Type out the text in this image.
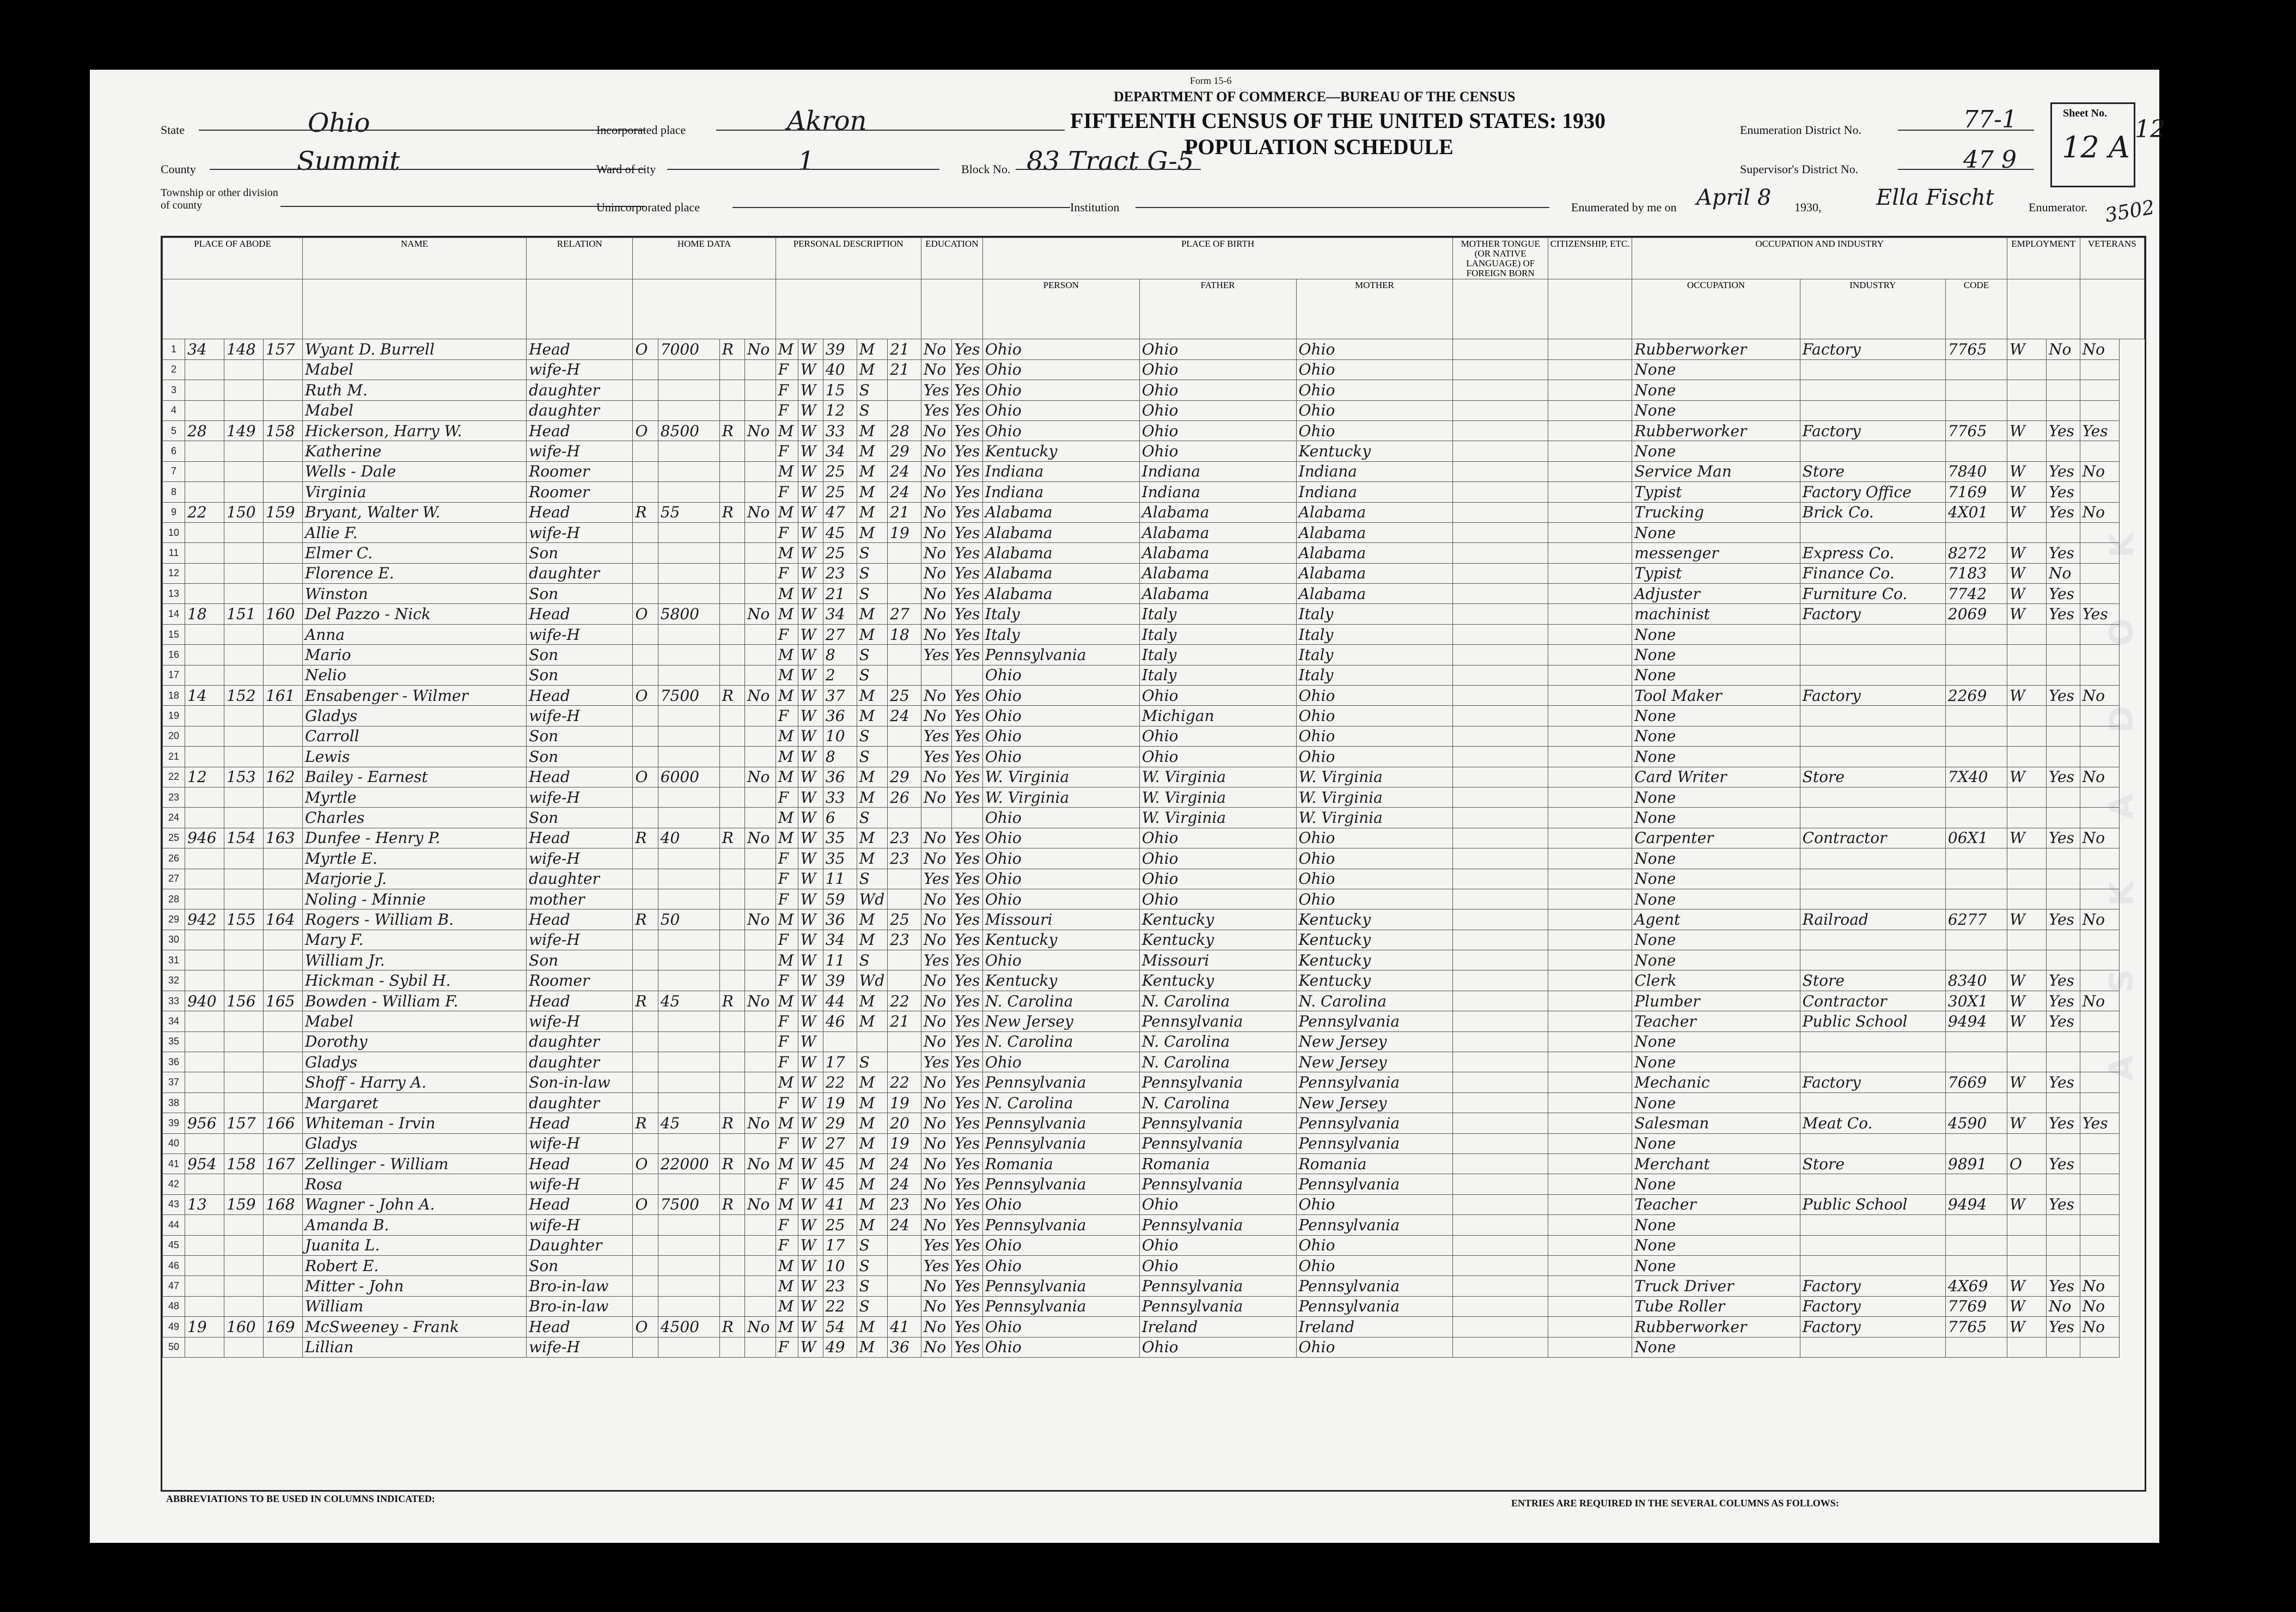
K
O
D
A
K
S
A
Form 15-6
DEPARTMENT OF COMMERCE—BUREAU OF THE CENSUS
FIFTEENTH CENSUS OF THE UNITED STATES: 1930
POPULATION SCHEDULE
State	Ohio
County	Summit
Township or other division of county
Incorporated place	Akron
Ward of city	1	Block No. 83 Tract G-5
Unincorporated place	Institution
Enumeration District No.	77-1
Supervisor's District No.	47 9
Enumerated by me on April 8 1930,	Ella Fischt	Enumerator.
Sheet No.
12 A
12
3502
PLACE OF ABODE				NAME	RELATION	HOME DATA				PERSONAL DESCRIPTION					EDUCATION		PLACE OF BIRTH			MOTHER TONGUE (OR NATIVE LANGUAGE) OF FOREIGN BORN	CITIZENSHIP, ETC.	OCCUPATION AND INDUSTRY			EMPLOYMENT		VETERANS
																	PERSON	FATHER	MOTHER			OCCUPATION	INDUSTRY	CODE			
1	34	148	157	Wyant D. Burrell	Head	O	7000	R	No	M	W	39	M	21	No	Yes	Ohio	Ohio	Ohio			Rubberworker	Factory	7765	W	No	No
2				Mabel	wife-H					F	W	40	M	21	No	Yes	Ohio	Ohio	Ohio			None					
3				Ruth M.	daughter					F	W	15	S		Yes	Yes	Ohio	Ohio	Ohio			None					
4				Mabel	daughter					F	W	12	S		Yes	Yes	Ohio	Ohio	Ohio			None					
5	28	149	158	Hickerson, Harry W.	Head	O	8500	R	No	M	W	33	M	28	No	Yes	Ohio	Ohio	Ohio			Rubberworker	Factory	7765	W	Yes	Yes
6				Katherine	wife-H					F	W	34	M	29	No	Yes	Kentucky	Ohio	Kentucky			None					
7				Wells - Dale	Roomer					M	W	25	M	24	No	Yes	Indiana	Indiana	Indiana			Service Man	Store	7840	W	Yes	No
8				Virginia	Roomer					F	W	25	M	24	No	Yes	Indiana	Indiana	Indiana			Typist	Factory Office	7169	W	Yes	
9	22	150	159	Bryant, Walter W.	Head	R	55	R	No	M	W	47	M	21	No	Yes	Alabama	Alabama	Alabama			Trucking	Brick Co.	4X01	W	Yes	No
10				Allie F.	wife-H					F	W	45	M	19	No	Yes	Alabama	Alabama	Alabama			None					
11				Elmer C.	Son					M	W	25	S		No	Yes	Alabama	Alabama	Alabama			messenger	Express Co.	8272	W	Yes	
12				Florence E.	daughter					F	W	23	S		No	Yes	Alabama	Alabama	Alabama			Typist	Finance Co.	7183	W	No	
13				Winston	Son					M	W	21	S		No	Yes	Alabama	Alabama	Alabama			Adjuster	Furniture Co.	7742	W	Yes	
14	18	151	160	Del Pazzo - Nick	Head	O	5800		No	M	W	34	M	27	No	Yes	Italy	Italy	Italy			machinist	Factory	2069	W	Yes	Yes
15				Anna	wife-H					F	W	27	M	18	No	Yes	Italy	Italy	Italy			None					
16				Mario	Son					M	W	8	S		Yes	Yes	Pennsylvania	Italy	Italy			None					
17				Nelio	Son					M	W	2	S				Ohio	Italy	Italy			None					
18	14	152	161	Ensabenger - Wilmer	Head	O	7500	R	No	M	W	37	M	25	No	Yes	Ohio	Ohio	Ohio			Tool Maker	Factory	2269	W	Yes	No
19				Gladys	wife-H					F	W	36	M	24	No	Yes	Ohio	Michigan	Ohio			None					
20				Carroll	Son					M	W	10	S		Yes	Yes	Ohio	Ohio	Ohio			None					
21				Lewis	Son					M	W	8	S		Yes	Yes	Ohio	Ohio	Ohio			None					
22	12	153	162	Bailey - Earnest	Head	O	6000		No	M	W	36	M	29	No	Yes	W. Virginia	W. Virginia	W. Virginia			Card Writer	Store	7X40	W	Yes	No
23				Myrtle	wife-H					F	W	33	M	26	No	Yes	W. Virginia	W. Virginia	W. Virginia			None					
24				Charles	Son					M	W	6	S				Ohio	W. Virginia	W. Virginia			None					
25	946	154	163	Dunfee - Henry P.	Head	R	40	R	No	M	W	35	M	23	No	Yes	Ohio	Ohio	Ohio			Carpenter	Contractor	06X1	W	Yes	No
26				Myrtle E.	wife-H					F	W	35	M	23	No	Yes	Ohio	Ohio	Ohio			None					
27				Marjorie J.	daughter					F	W	11	S		Yes	Yes	Ohio	Ohio	Ohio			None					
28				Noling - Minnie	mother					F	W	59	Wd		No	Yes	Ohio	Ohio	Ohio			None					
29	942	155	164	Rogers - William B.	Head	R	50		No	M	W	36	M	25	No	Yes	Missouri	Kentucky	Kentucky			Agent	Railroad	6277	W	Yes	No
30				Mary F.	wife-H					F	W	34	M	23	No	Yes	Kentucky	Kentucky	Kentucky			None					
31				William Jr.	Son					M	W	11	S		Yes	Yes	Ohio	Missouri	Kentucky			None					
32				Hickman - Sybil H.	Roomer					F	W	39	Wd		No	Yes	Kentucky	Kentucky	Kentucky			Clerk	Store	8340	W	Yes	
33	940	156	165	Bowden - William F.	Head	R	45	R	No	M	W	44	M	22	No	Yes	N. Carolina	N. Carolina	N. Carolina			Plumber	Contractor	30X1	W	Yes	No
34				Mabel	wife-H					F	W	46	M	21	No	Yes	New Jersey	Pennsylvania	Pennsylvania			Teacher	Public School	9494	W	Yes	
35				Dorothy	daughter					F	W				No	Yes	N. Carolina	N. Carolina	New Jersey			None					
36				Gladys	daughter					F	W	17	S		Yes	Yes	Ohio	N. Carolina	New Jersey			None					
37				Shoff - Harry A.	Son-in-law					M	W	22	M	22	No	Yes	Pennsylvania	Pennsylvania	Pennsylvania			Mechanic	Factory	7669	W	Yes	
38				Margaret	daughter					F	W	19	M	19	No	Yes	N. Carolina	N. Carolina	New Jersey			None					
39	956	157	166	Whiteman - Irvin	Head	R	45	R	No	M	W	29	M	20	No	Yes	Pennsylvania	Pennsylvania	Pennsylvania			Salesman	Meat Co.	4590	W	Yes	Yes
40				Gladys	wife-H					F	W	27	M	19	No	Yes	Pennsylvania	Pennsylvania	Pennsylvania			None					
41	954	158	167	Zellinger - William	Head	O	22000	R	No	M	W	45	M	24	No	Yes	Romania	Romania	Romania			Merchant	Store	9891	O	Yes	
42				Rosa	wife-H					F	W	45	M	24	No	Yes	Pennsylvania	Pennsylvania	Pennsylvania			None					
43	13	159	168	Wagner - John A.	Head	O	7500	R	No	M	W	41	M	23	No	Yes	Ohio	Ohio	Ohio			Teacher	Public School	9494	W	Yes	
44				Amanda B.	wife-H					F	W	25	M	24	No	Yes	Pennsylvania	Pennsylvania	Pennsylvania			None					
45				Juanita L.	Daughter					F	W	17	S		Yes	Yes	Ohio	Ohio	Ohio			None					
46				Robert E.	Son					M	W	10	S		Yes	Yes	Ohio	Ohio	Ohio			None					
47				Mitter - John	Bro-in-law					M	W	23	S		No	Yes	Pennsylvania	Pennsylvania	Pennsylvania			Truck Driver	Factory	4X69	W	Yes	No
48				William	Bro-in-law					M	W	22	S		No	Yes	Pennsylvania	Pennsylvania	Pennsylvania			Tube Roller	Factory	7769	W	No	No
49	19	160	169	McSweeney - Frank	Head	O	4500	R	No	M	W	54	M	41	No	Yes	Ohio	Ireland	Ireland			Rubberworker	Factory	7765	W	Yes	No
50				Lillian	wife-H					F	W	49	M	36	No	Yes	Ohio	Ohio	Ohio			None					
ABBREVIATIONS TO BE USED IN COLUMNS INDICATED:	ENTRIES ARE REQUIRED IN THE SEVERAL COLUMNS AS FOLLOWS:
